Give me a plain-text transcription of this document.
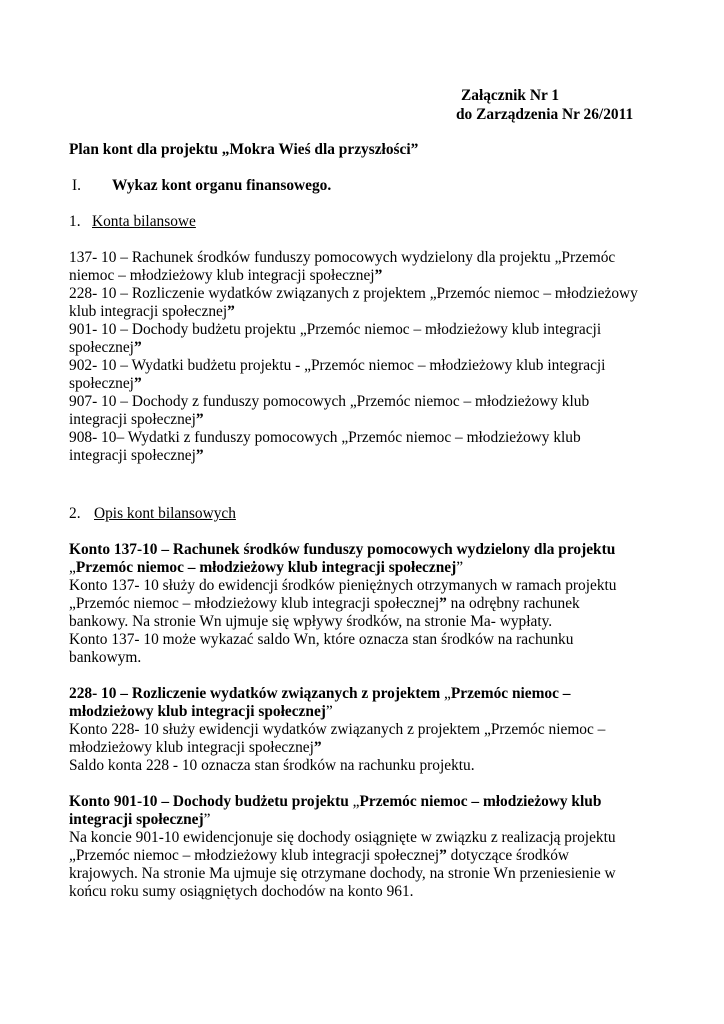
Załącznik Nr 1
do Zarządzenia Nr 26/2011
Plan kont dla projektu „Mokra Wieś dla przyszłości”
I. Wykaz kont organu finansowego.
1. Konta bilansowe

137- 10 – Rachunek środków funduszy pomocowych wydzielony dla projektu „Przemóc

niemoc – młodzieżowy klub integracji społecznej”

228- 10 – Rozliczenie wydatków związanych z projektem „Przemóc niemoc – młodzieżowy

klub integracji społecznej”

901- 10 – Dochody budżetu projektu „Przemóc niemoc – młodzieżowy klub integracji

społecznej”

902- 10 – Wydatki budżetu projektu - „Przemóc niemoc – młodzieżowy klub integracji

społecznej”

907- 10 – Dochody z funduszy pomocowych „Przemóc niemoc – młodzieżowy klub

integracji społecznej”

908- 10– Wydatki z funduszy pomocowych „Przemóc niemoc – młodzieżowy klub

integracji społecznej”

2. Opis kont bilansowych

Konto 137-10 – Rachunek środków funduszy pomocowych wydzielony dla projektu

„Przemóc niemoc – młodzieżowy klub integracji społecznej”

Konto 137- 10 służy do ewidencji środków pieniężnych otrzymanych w ramach projektu

„Przemóc niemoc – młodzieżowy klub integracji społecznej” na odrębny rachunek

bankowy. Na stronie Wn ujmuje się wpływy środków, na stronie Ma- wypłaty.

Konto 137- 10 może wykazać saldo Wn, które oznacza stan środków na rachunku

bankowym.

228- 10 – Rozliczenie wydatków związanych z projektem „Przemóc niemoc –

młodzieżowy klub integracji społecznej”

Konto 228- 10 służy ewidencji wydatków związanych z projektem „Przemóc niemoc –

młodzieżowy klub integracji społecznej”

Saldo konta 228 - 10 oznacza stan środków na rachunku projektu.

Konto 901-10 – Dochody budżetu projektu „Przemóc niemoc – młodzieżowy klub

integracji społecznej”

Na koncie 901-10 ewidencjonuje się dochody osiągnięte w związku z realizacją projektu

„Przemóc niemoc – młodzieżowy klub integracji społecznej” dotyczące środków

krajowych. Na stronie Ma ujmuje się otrzymane dochody, na stronie Wn przeniesienie w

końcu roku sumy osiągniętych dochodów na konto 961.
